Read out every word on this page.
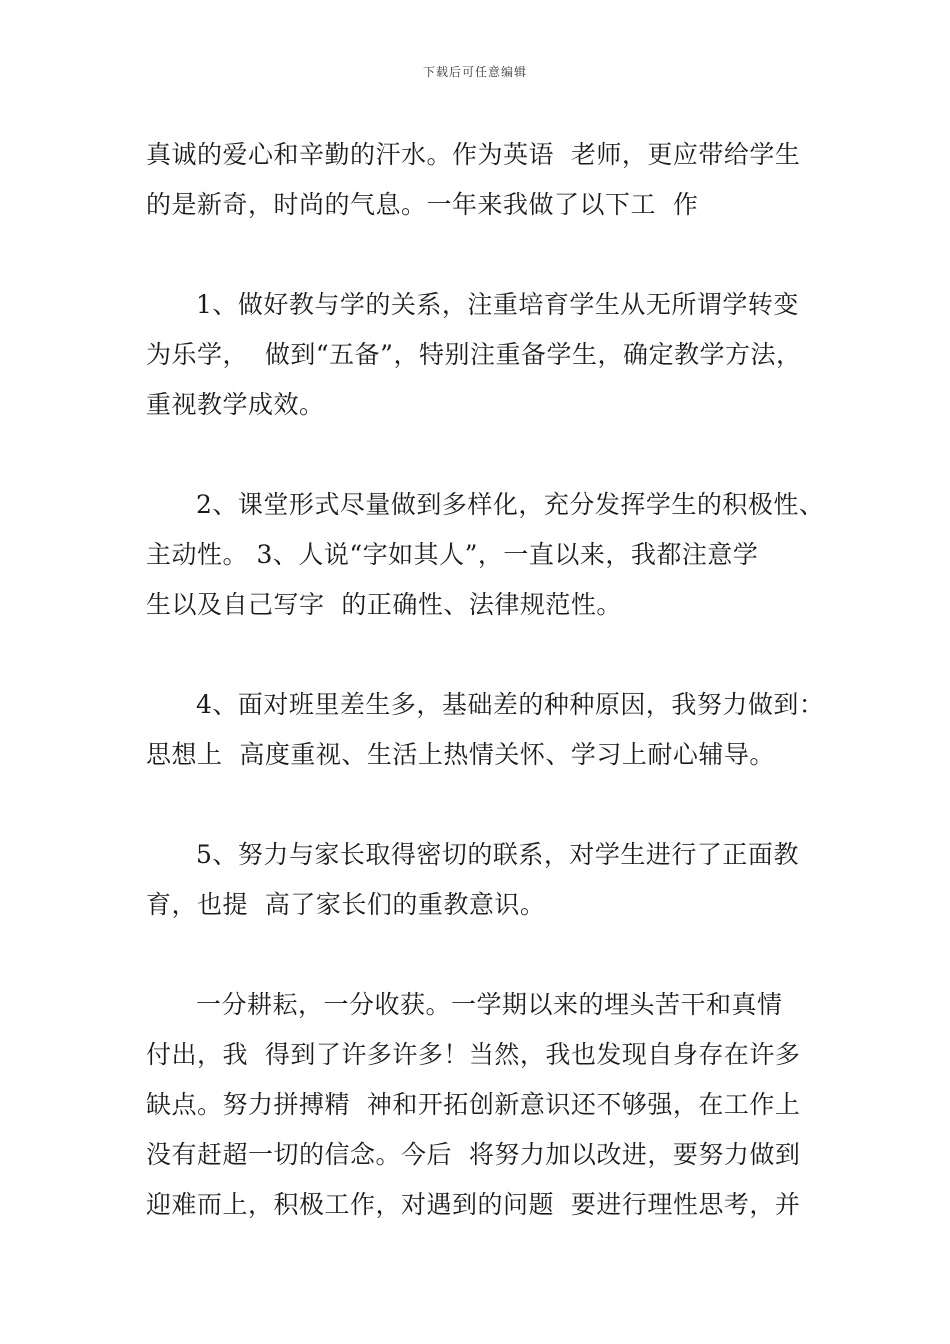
下载后可任意编辑
真诚的爱心和辛勤的汗水。作为英语  老师，更应带给学生
的是新奇，时尚的气息。一年来我做了以下工  作
1、做好教与学的关系，注重培育学生从无所谓学转变
为乐学，  做到“五备”，特别注重备学生，确定教学方法，
重视教学成效。
2、课堂形式尽量做到多样化，充分发挥学生的积极性、
主动性。 3、人说“字如其人”，一直以来，我都注意学
生以及自己写字  的正确性、法律规范性。
4、面对班里差生多，基础差的种种原因，我努力做到：
思想上  高度重视、生活上热情关怀、学习上耐心辅导。
5、努力与家长取得密切的联系，对学生进行了正面教
育，也提  高了家长们的重教意识。
一分耕耘，一分收获。一学期以来的埋头苦干和真情
付出，我  得到了许多许多！当然，我也发现自身存在许多
缺点。努力拼搏精  神和开拓创新意识还不够强，在工作上
没有赶超一切的信念。今后  将努力加以改进，要努力做到
迎难而上，积极工作，对遇到的问题  要进行理性思考，并
